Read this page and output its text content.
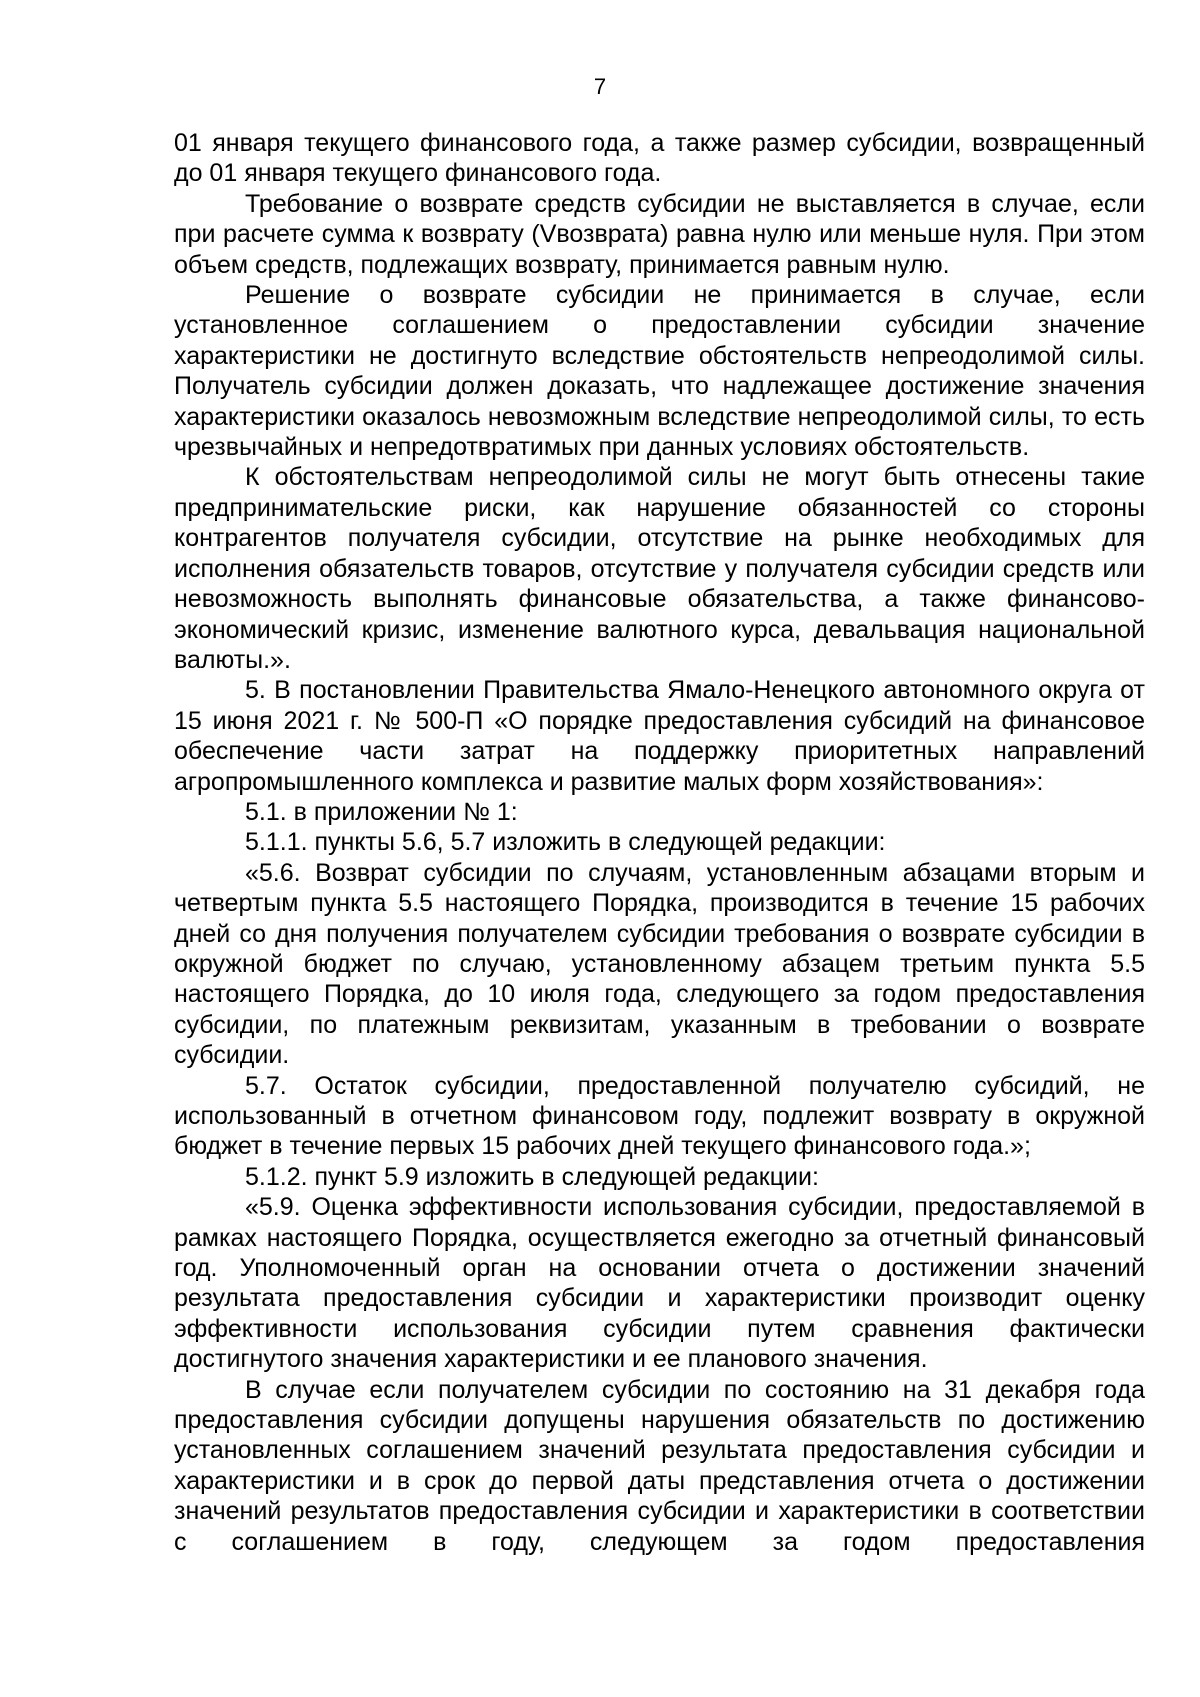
7

01 января текущего финансового года, а также размер субсидии, возвращенный до 01 января текущего финансового года.

Требование о возврате средств субсидии не выставляется в случае, если при расчете сумма к возврату (Vвозврата) равна нулю или меньше нуля. При этом объем средств, подлежащих возврату, принимается равным нулю.

Решение о возврате субсидии не принимается в случае, если установленное соглашением о предоставлении субсидии значение характеристики не достигнуто вследствие обстоятельств непреодолимой силы. Получатель субсидии должен доказать, что надлежащее достижение значения характеристики оказалось невозможным вследствие непреодолимой силы, то есть чрезвычайных и непредотвратимых при данных условиях обстоятельств.

К обстоятельствам непреодолимой силы не могут быть отнесены такие предпринимательские риски, как нарушение обязанностей со стороны контрагентов получателя субсидии, отсутствие на рынке необходимых для исполнения обязательств товаров, отсутствие у получателя субсидии средств или невозможность выполнять финансовые обязательства, а также финансово-экономический кризис, изменение валютного курса, девальвация национальной валюты.».

5. В постановлении Правительства Ямало-Ненецкого автономного округа от 15 июня 2021 г. № 500-П «О порядке предоставления субсидий на финансовое обеспечение части затрат на поддержку приоритетных направлений агропромышленного комплекса и развитие малых форм хозяйствования»:

5.1. в приложении № 1:

5.1.1. пункты 5.6, 5.7 изложить в следующей редакции:

«5.6. Возврат субсидии по случаям, установленным абзацами вторым и четвертым пункта 5.5 настоящего Порядка, производится в течение 15 рабочих дней со дня получения получателем субсидии требования о возврате субсидии в окружной бюджет по случаю, установленному абзацем третьим пункта 5.5 настоящего Порядка, до 10 июля года, следующего за годом предоставления субсидии, по платежным реквизитам, указанным в требовании о возврате субсидии.

5.7. Остаток субсидии, предоставленной получателю субсидий, не использованный в отчетном финансовом году, подлежит возврату в окружной бюджет в течение первых 15 рабочих дней текущего финансового года.»;

5.1.2. пункт 5.9 изложить в следующей редакции:

«5.9. Оценка эффективности использования субсидии, предоставляемой в рамках настоящего Порядка, осуществляется ежегодно за отчетный финансовый год. Уполномоченный орган на основании отчета о достижении значений результата предоставления субсидии и характеристики производит оценку эффективности использования субсидии путем сравнения фактически достигнутого значения характеристики и ее планового значения.

В случае если получателем субсидии по состоянию на 31 декабря года предоставления субсидии допущены нарушения обязательств по достижению установленных соглашением значений результата предоставления субсидии и характеристики и в срок до первой даты представления отчета о достижении значений результатов предоставления субсидии и характеристики в соответствии с соглашением в году, следующем за годом предоставления
